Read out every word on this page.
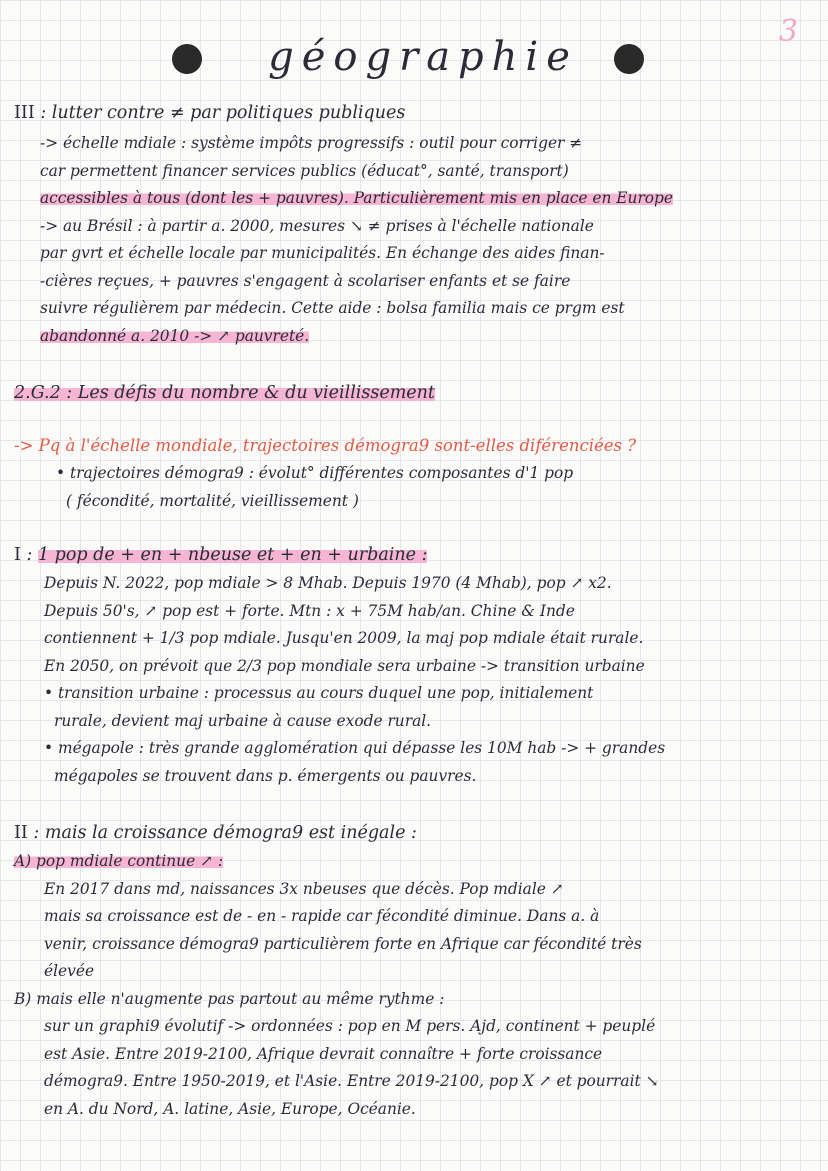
3
géographie
III : lutter contre ≠ par politiques publiques

-> échelle mdiale : système impôts progressifs : outil pour corriger ≠

car permettent financer services publics (éducat°, santé, transport)

accessibles à tous (dont les + pauvres). Particulièrement mis en place en Europe

-> au Brésil : à partir a. 2000, mesures ↘ ≠ prises à l'échelle nationale

par gvrt et échelle locale par municipalités. En échange des aides finan-

-cières reçues, + pauvres s'engagent à scolariser enfants et se faire

suivre régulièrem par médecin. Cette aide : bolsa familia mais ce prgm est

abandonné a. 2010 -> ↗ pauvreté.

2.G.2 : Les défis du nombre & du vieillissement
-> Pq à l'échelle mondiale, trajectoires démogra9 sont-elles diférenciées ?

• trajectoires démogra9 : évolut° différentes composantes d'1 pop

( fécondité, mortalité, vieillissement )

I : 1 pop de + en + nbeuse et + en + urbaine :

Depuis N. 2022, pop mdiale > 8 Mhab. Depuis 1970 (4 Mhab), pop ↗ x2.

Depuis 50's, ↗ pop est + forte. Mtn : x + 75M hab/an. Chine & Inde

contiennent + 1/3 pop mdiale. Jusqu'en 2009, la maj pop mdiale était rurale.

En 2050, on prévoit que 2/3 pop mondiale sera urbaine -> transition urbaine

• transition urbaine : processus au cours duquel une pop, initialement

rurale, devient maj urbaine à cause exode rural.

• mégapole : très grande agglomération qui dépasse les 10M hab -> + grandes

mégapoles se trouvent dans p. émergents ou pauvres.

II : mais la croissance démogra9 est inégale :

A) pop mdiale continue ↗ :

En 2017 dans md, naissances 3x nbeuses que décès. Pop mdiale ↗

mais sa croissance est de - en - rapide car fécondité diminue. Dans a. à

venir, croissance démogra9 particulièrem forte en Afrique car fécondité très

élevée

B) mais elle n'augmente pas partout au même rythme :

sur un graphi9 évolutif -> ordonnées : pop en M pers. Ajd, continent + peuplé

est Asie. Entre 2019-2100, Afrique devrait connaître + forte croissance

démogra9. Entre 1950-2019, et l'Asie. Entre 2019-2100, pop X ↗ et pourrait ↘

en A. du Nord, A. latine, Asie, Europe, Océanie.
